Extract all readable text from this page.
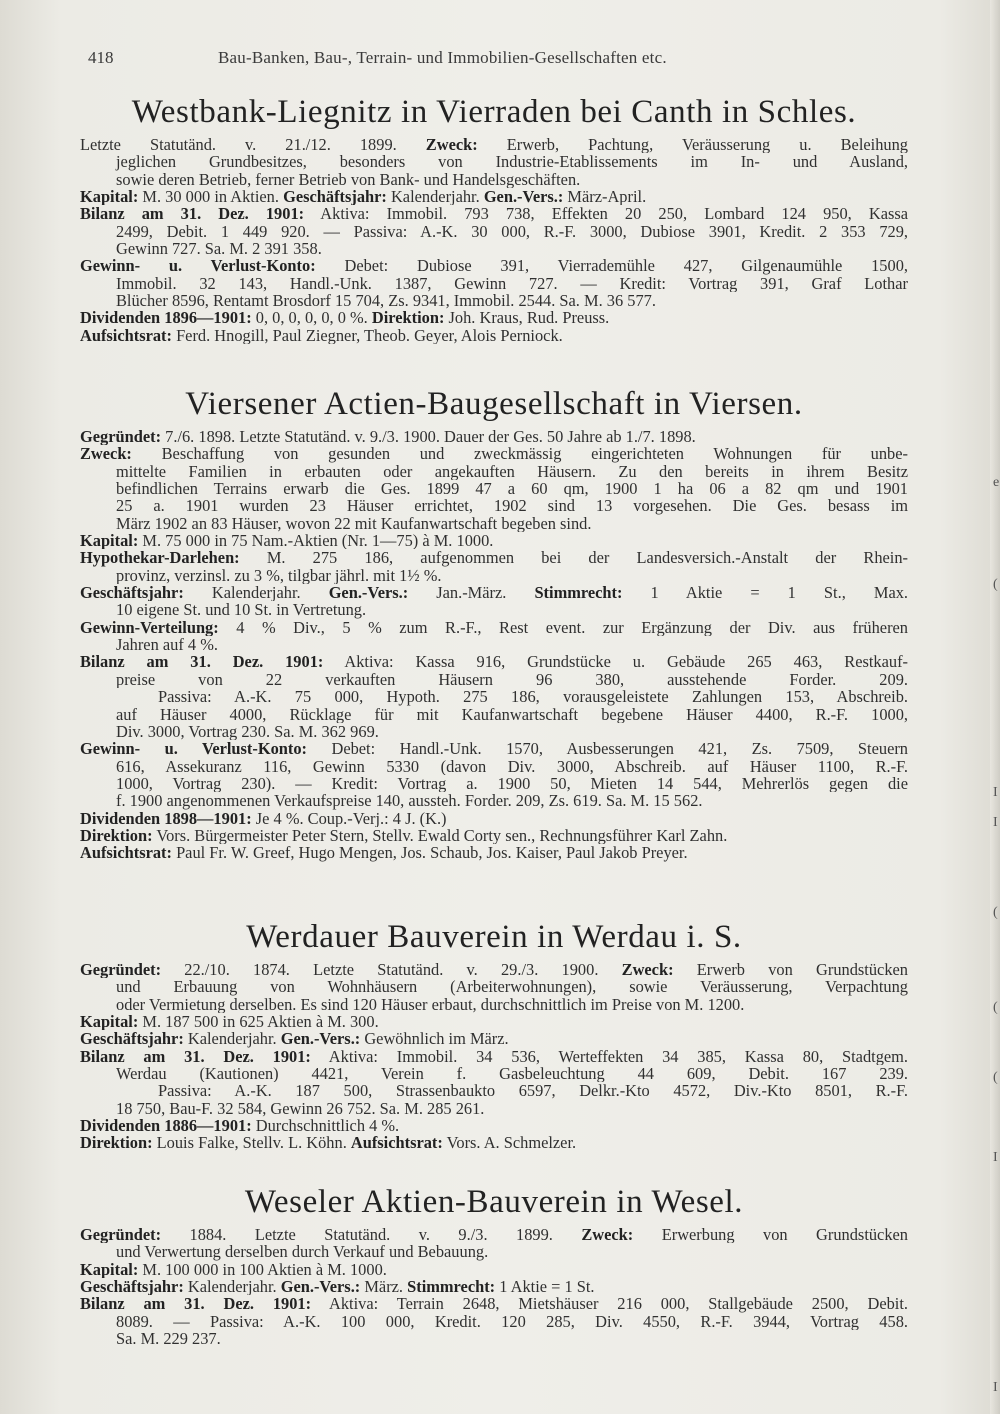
418	Bau-Banken, Bau-, Terrain- und Immobilien-Gesellschaften etc.
Westbank-Liegnitz in Vierraden bei Canth in Schles.
Letzte Statutänd. v. 21./12. 1899. Zweck: Erwerb, Pachtung, Veräusserung u. Beleihung
jeglichen Grundbesitzes, besonders von Industrie-Etablissements im In- und Ausland,
sowie deren Betrieb, ferner Betrieb von Bank- und Handelsgeschäften.
Kapital: M. 30 000 in Aktien. Geschäftsjahr: Kalenderjahr. Gen.-Vers.: März-April.
Bilanz am 31. Dez. 1901: Aktiva: Immobil. 793 738, Effekten 20 250, Lombard 124 950, Kassa
2499, Debit. 1 449 920. — Passiva: A.-K. 30 000, R.-F. 3000, Dubiose 3901, Kredit. 2 353 729,
Gewinn 727. Sa. M. 2 391 358.
Gewinn- u. Verlust-Konto: Debet: Dubiose 391, Vierrademühle 427, Gilgenaumühle 1500,
Immobil. 32 143, Handl.-Unk. 1387, Gewinn 727. — Kredit: Vortrag 391, Graf Lothar
Blücher 8596, Rentamt Brosdorf 15 704, Zs. 9341, Immobil. 2544. Sa. M. 36 577.
Dividenden 1896—1901: 0, 0, 0, 0, 0, 0 %. Direktion: Joh. Kraus, Rud. Preuss.
Aufsichtsrat: Ferd. Hnogill, Paul Ziegner, Theob. Geyer, Alois Perniock.
Viersener Actien-Baugesellschaft in Viersen.
Gegründet: 7./6. 1898. Letzte Statutänd. v. 9./3. 1900. Dauer der Ges. 50 Jahre ab 1./7. 1898.
Zweck: Beschaffung von gesunden und zweckmässig eingerichteten Wohnungen für unbe-
mittelte Familien in erbauten oder angekauften Häusern. Zu den bereits in ihrem Besitz
befindlichen Terrains erwarb die Ges. 1899 47 a 60 qm, 1900 1 ha 06 a 82 qm und 1901
25 a. 1901 wurden 23 Häuser errichtet, 1902 sind 13 vorgesehen. Die Ges. besass im
März 1902 an 83 Häuser, wovon 22 mit Kaufanwartschaft begeben sind.
Kapital: M. 75 000 in 75 Nam.-Aktien (Nr. 1—75) à M. 1000.
Hypothekar-Darlehen: M. 275 186, aufgenommen bei der Landesversich.-Anstalt der Rhein-
provinz, verzinsl. zu 3 %, tilgbar jährl. mit 1½ %.
Geschäftsjahr: Kalenderjahr. Gen.-Vers.: Jan.-März. Stimmrecht: 1 Aktie = 1 St., Max.
10 eigene St. und 10 St. in Vertretung.
Gewinn-Verteilung: 4 % Div., 5 % zum R.-F., Rest event. zur Ergänzung der Div. aus früheren
Jahren auf 4 %.
Bilanz am 31. Dez. 1901: Aktiva: Kassa 916, Grundstücke u. Gebäude 265 463, Restkauf-
preise von 22 verkauften Häusern 96 380, ausstehende Forder. 209.
Passiva: A.-K. 75 000, Hypoth. 275 186, vorausgeleistete Zahlungen 153, Abschreib.
auf Häuser 4000, Rücklage für mit Kaufanwartschaft begebene Häuser 4400, R.-F. 1000,
Div. 3000, Vortrag 230. Sa. M. 362 969.
Gewinn- u. Verlust-Konto: Debet: Handl.-Unk. 1570, Ausbesserungen 421, Zs. 7509, Steuern
616, Assekuranz 116, Gewinn 5330 (davon Div. 3000, Abschreib. auf Häuser 1100, R.-F.
1000, Vortrag 230). — Kredit: Vortrag a. 1900 50, Mieten 14 544, Mehrerlös gegen die
f. 1900 angenommenen Verkaufspreise 140, ausstеh. Forder. 209, Zs. 619. Sa. M. 15 562.
Dividenden 1898—1901: Je 4 %. Coup.-Verj.: 4 J. (K.)
Direktion: Vors. Bürgermeister Peter Stern, Stellv. Ewald Corty sen., Rechnungsführer Karl Zahn.
Aufsichtsrat: Paul Fr. W. Greef, Hugo Mengen, Jos. Schaub, Jos. Kaiser, Paul Jakob Preyer.
Werdauer Bauverein in Werdau i. S.
Gegründet: 22./10. 1874. Letzte Statutänd. v. 29./3. 1900. Zweck: Erwerb von Grundstücken
und Erbauung von Wohnhäusern (Arbeiterwohnungen), sowie Veräusserung, Verpachtung
oder Vermietung derselben. Es sind 120 Häuser erbaut, durchschnittlich im Preise von M. 1200.
Kapital: M. 187 500 in 625 Aktien à M. 300.
Geschäftsjahr: Kalenderjahr. Gen.-Vers.: Gewöhnlich im März.
Bilanz am 31. Dez. 1901: Aktiva: Immobil. 34 536, Werteffekten 34 385, Kassa 80, Stadtgem.
Werdau (Kautionen) 4421, Verein f. Gasbeleuchtung 44 609, Debit. 167 239.
Passiva: A.-K. 187 500, Strassenbaukto 6597, Delkr.-Kto 4572, Div.-Kto 8501, R.-F.
18 750, Bau-F. 32 584, Gewinn 26 752. Sa. M. 285 261.
Dividenden 1886—1901: Durchschnittlich 4 %.
Direktion: Louis Falke, Stellv. L. Köhn. Aufsichtsrat: Vors. A. Schmelzer.
Weseler Aktien-Bauverein in Wesel.
Gegründet: 1884. Letzte Statutänd. v. 9./3. 1899. Zweck: Erwerbung von Grundstücken
und Verwertung derselben durch Verkauf und Bebauung.
Kapital: M. 100 000 in 100 Aktien à M. 1000.
Geschäftsjahr: Kalenderjahr. Gen.-Vers.: März. Stimmrecht: 1 Aktie = 1 St.
Bilanz am 31. Dez. 1901: Aktiva: Terrain 2648, Mietshäuser 216 000, Stallgebäude 2500, Debit.
8089. — Passiva: A.-K. 100 000, Kredit. 120 285, Div. 4550, R.-F. 3944, Vortrag 458.
Sa. M. 229 237.
e
(
I
I
(
(
(
I
I
